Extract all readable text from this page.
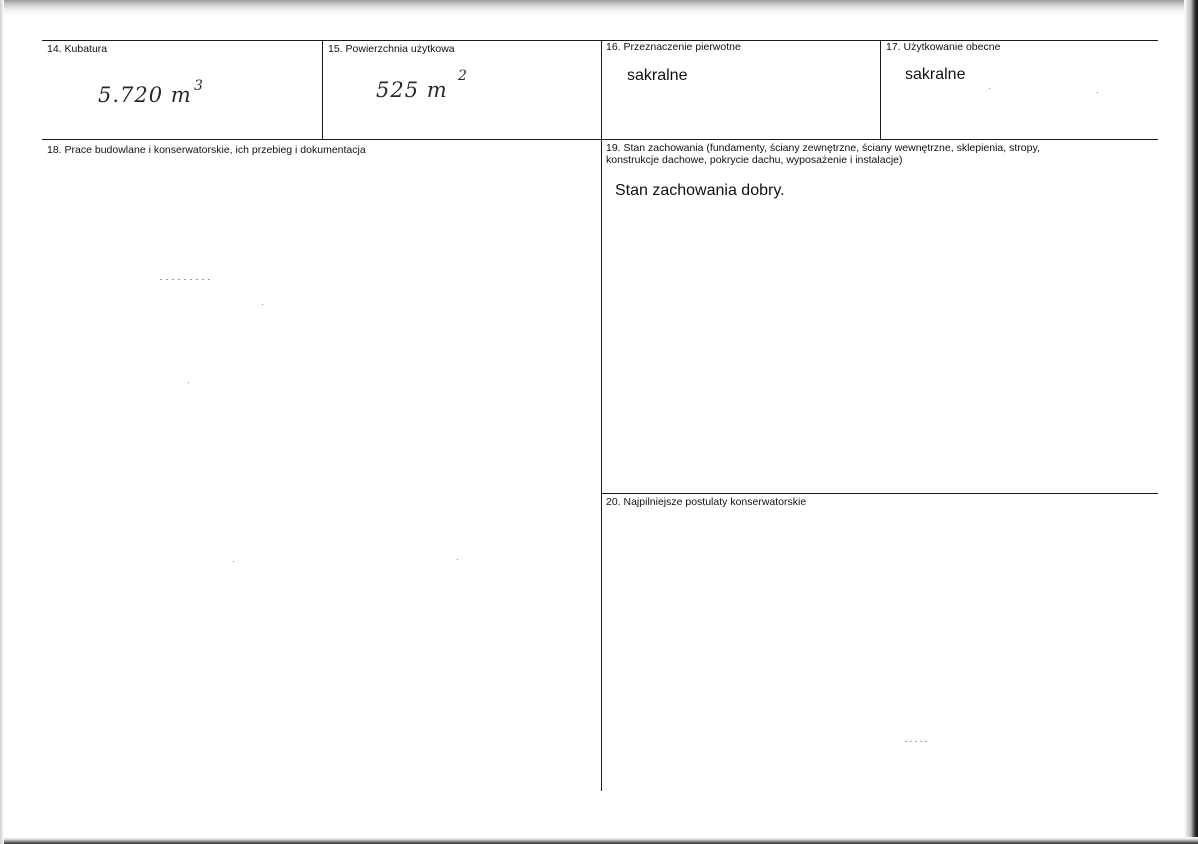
14. Kubatura
5.720 m 3
15. Powierzchnia użytkowa
525 m
2
16. Przeznaczenie pierwotne
sakralne
17. Użytkowanie obecne
sakralne
18. Prace budowlane i konserwatorskie, ich przebieg i dokumentacja	19. Stan zachowania (fundamenty, ściany zewnętrzne, ściany wewnętrzne, sklepienia, stropy,
konstrukcje dachowe, pokrycie dachu, wyposażenie i instalacje)
Stan zachowania dobry.
20. Najpilniejsze postulaty konserwatorskie
